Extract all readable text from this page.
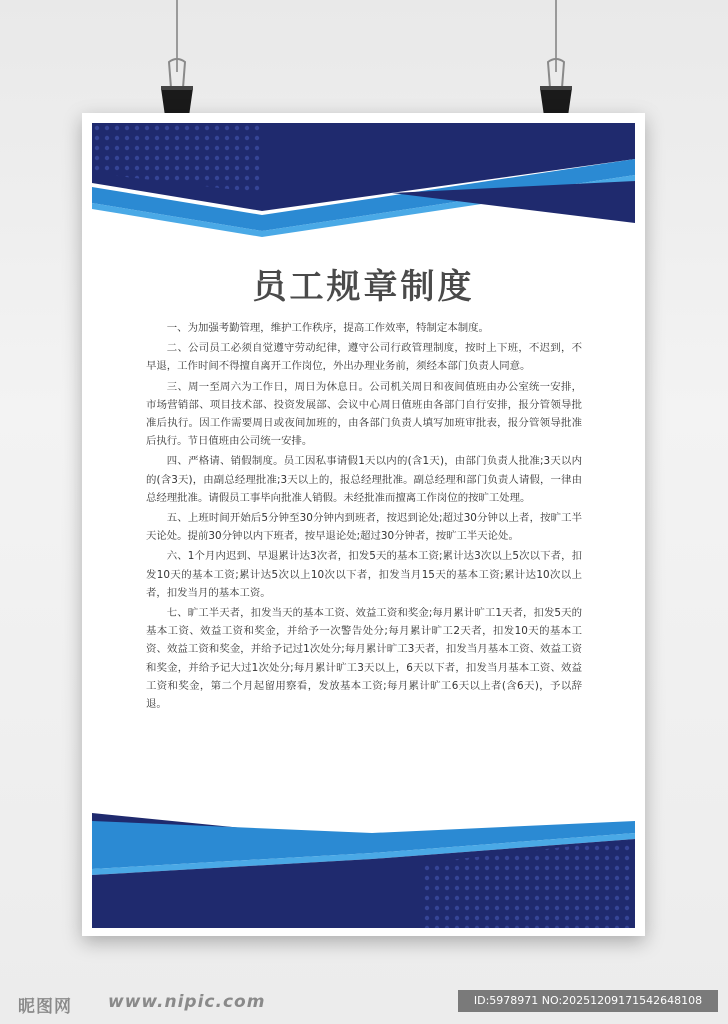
员工规章制度

一、为加强考勤管理，维护工作秩序，提高工作效率，特制定本制度。

二、公司员工必须自觉遵守劳动纪律，遵守公司行政管理制度，按时上下班，不迟到，不早退，工作时间不得擅自离开工作岗位，外出办理业务前，须经本部门负责人同意。

三、周一至周六为工作日，周日为休息日。公司机关周日和夜间值班由办公室统一安排，市场营销部、项目技术部、投资发展部、会议中心周日值班由各部门自行安排，报分管领导批准后执行。因工作需要周日或夜间加班的，由各部门负责人填写加班审批表，报分管领导批准后执行。节日值班由公司统一安排。

四、严格请、销假制度。员工因私事请假1天以内的(含1天)，由部门负责人批准;3天以内的(含3天)，由副总经理批准;3天以上的，报总经理批准。副总经理和部门负责人请假，一律由总经理批准。请假员工事毕向批准人销假。未经批准而擅离工作岗位的按旷工处理。

五、上班时间开始后5分钟至30分钟内到班者，按迟到论处;超过30分钟以上者，按旷工半天论处。提前30分钟以内下班者，按早退论处;超过30分钟者，按旷工半天论处。

六、1个月内迟到、早退累计达3次者，扣发5天的基本工资;累计达3次以上5次以下者，扣发10天的基本工资;累计达5次以上10次以下者，扣发当月15天的基本工资;累计达10次以上者，扣发当月的基本工资。

七、旷工半天者，扣发当天的基本工资、效益工资和奖金;每月累计旷工1天者，扣发5天的基本工资、效益工资和奖金，并给予一次警告处分;每月累计旷工2天者，扣发10天的基本工资、效益工资和奖金，并给予记过1次处分;每月累计旷工3天者，扣发当月基本工资、效益工资和奖金，并给予记大过1次处分;每月累计旷工3天以上，6天以下者，扣发当月基本工资、效益工资和奖金，第二个月起留用察看，发放基本工资;每月累计旷工6天以上者(含6天)，予以辞退。

昵图网 www.nipic.com	ID:5978971 NO:20251209171542648108
